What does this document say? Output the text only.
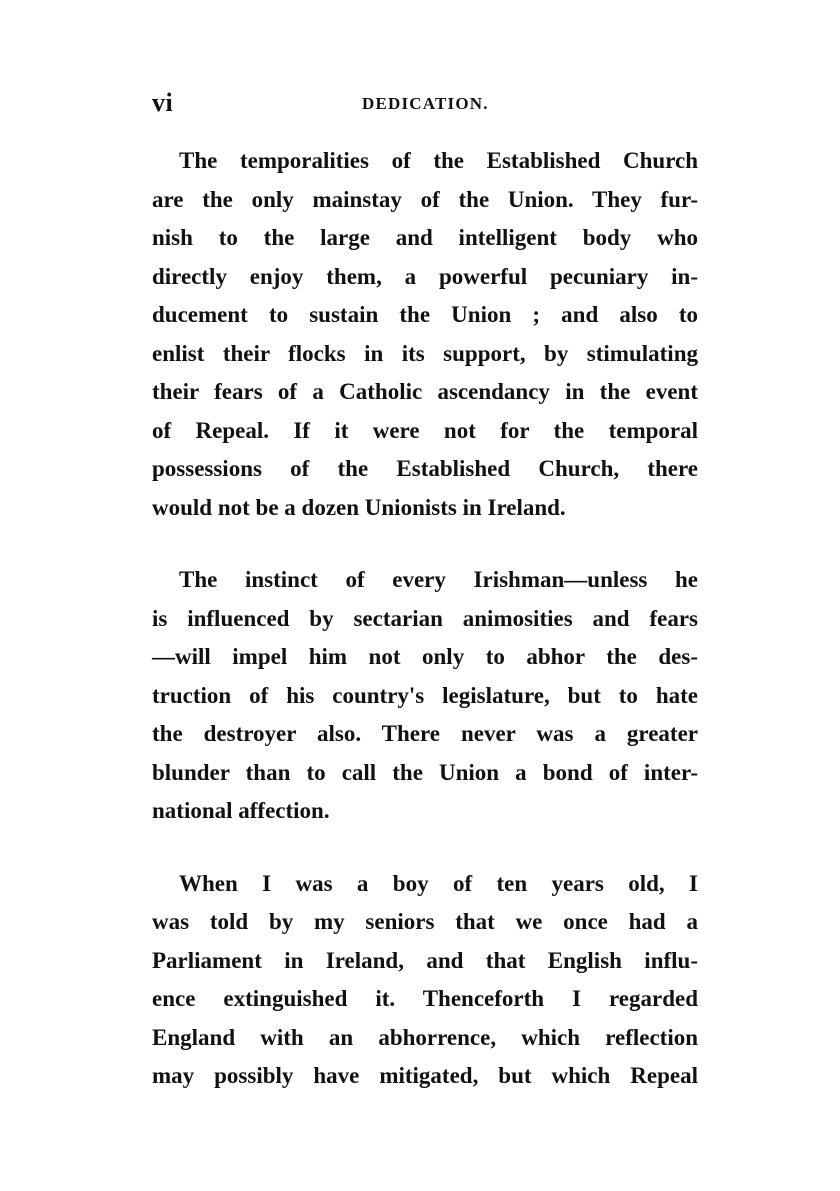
vi	DEDICATION.
The temporalities of the Established Church
are the only mainstay of the Union. They fur-
nish to the large and intelligent body who
directly enjoy them, a powerful pecuniary in-
ducement to sustain the Union ; and also to
enlist their flocks in its support, by stimulating
their fears of a Catholic ascendancy in the event
of Repeal. If it were not for the temporal
possessions of the Established Church, there
would not be a dozen Unionists in Ireland.
The instinct of every Irishman—unless he
is influenced by sectarian animosities and fears
—will impel him not only to abhor the des-
truction of his country's legislature, but to hate
the destroyer also. There never was a greater
blunder than to call the Union a bond of inter-
national affection.
When I was a boy of ten years old, I
was told by my seniors that we once had a
Parliament in Ireland, and that English influ-
ence extinguished it. Thenceforth I regarded
England with an abhorrence, which reflection
may possibly have mitigated, but which Repeal
